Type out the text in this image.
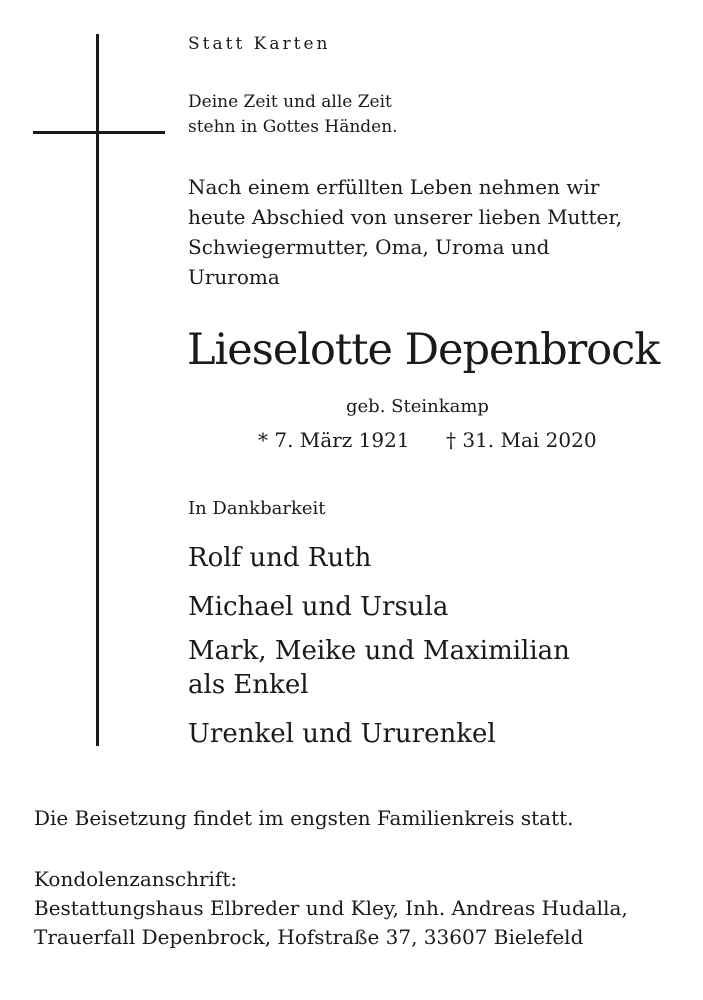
Statt Karten
Deine Zeit und alle Zeit
stehn in Gottes Händen.
Nach einem erfüllten Leben nehmen wir
heute Abschied von unserer lieben Mutter,
Schwiegermutter, Oma, Uroma und
Ururoma
Lieselotte Depenbrock
geb. Steinkamp
* 7. März 1921 † 31. Mai 2020
In Dankbarkeit
Rolf und Ruth
Michael und Ursula
Mark, Meike und Maximilian
als Enkel
Urenkel und Ururenkel
Die Beisetzung findet im engsten Familienkreis statt.
Kondolenzanschrift:
Bestattungshaus Elbreder und Kley, Inh. Andreas Hudalla,
Trauerfall Depenbrock, Hofstraße 37, 33607 Bielefeld
